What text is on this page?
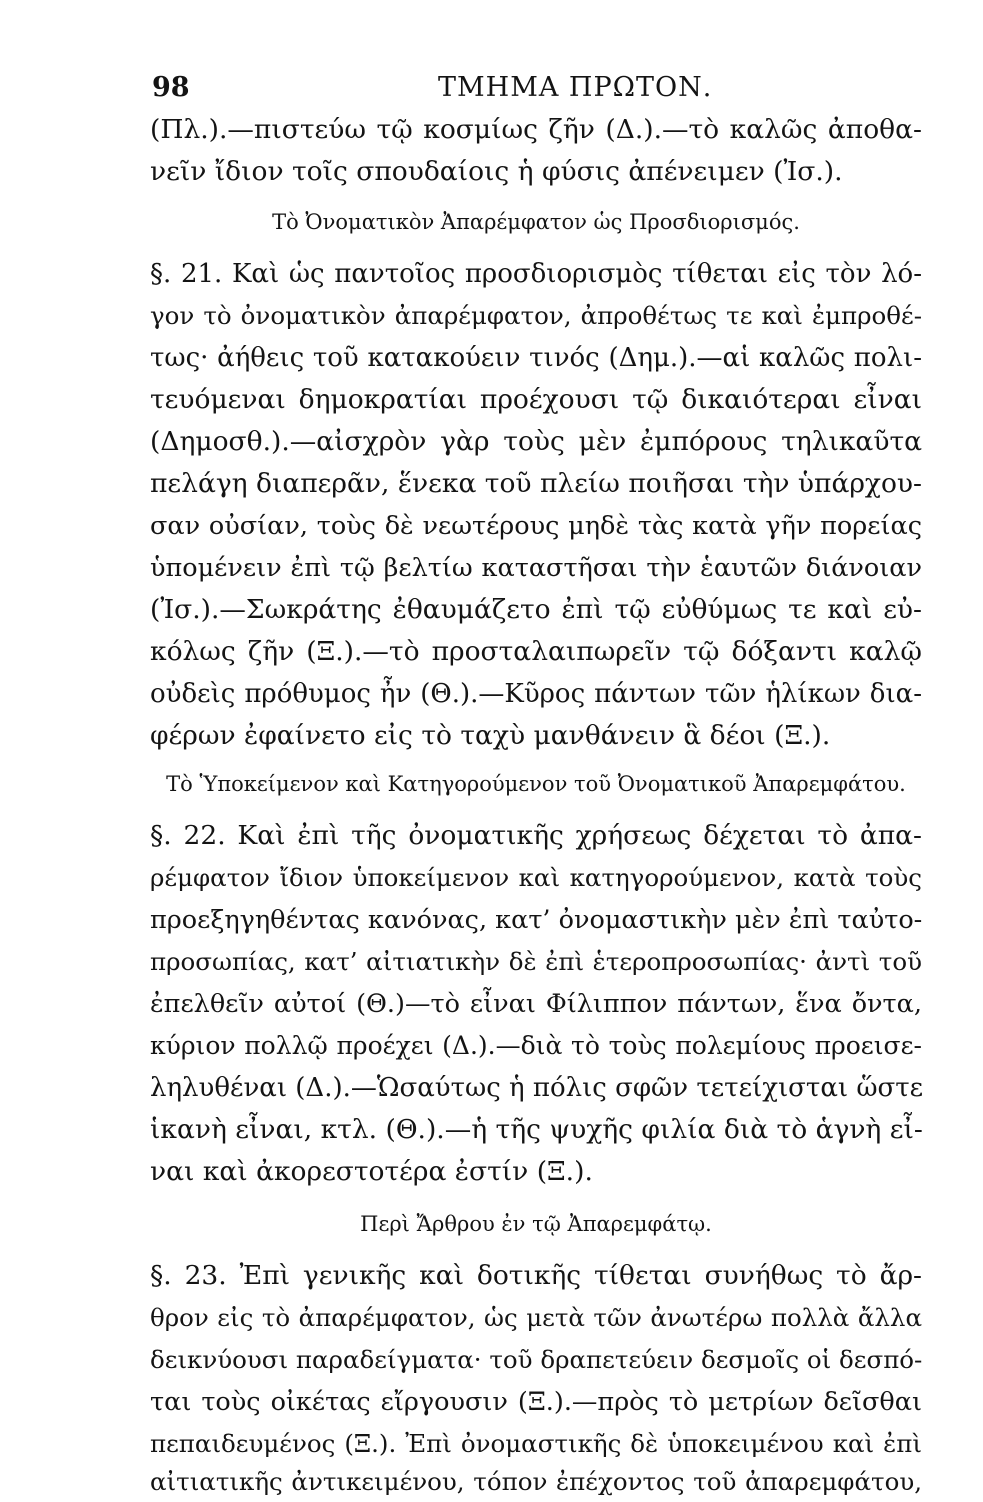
98	ΤΜΗΜΑ ΠΡΩΤΟΝ.
(Πλ.).—πιστεύω τῷ κοσμίως ζῆν (Δ.).—τὸ καλῶς ἀποθα-
νεῖν ἴδιον τοῖς σπουδαίοις ἡ φύσις ἀπένειμεν (Ἰσ.).
Τὸ Ὀνοματικὸν Ἀπαρέμφατον ὡς Προσδιορισμός.
§. 21. Καὶ ὡς παντοῖος προσδιορισμὸς τίθεται εἰς τὸν λό-
γον τὸ ὀνοματικὸν ἀπαρέμφατον, ἀπροθέτως τε καὶ ἐμπροθέ-
τως· ἀήθεις τοῦ κατακούειν τινός (Δημ.).—αἱ καλῶς πολι-
τευόμεναι δημοκρατίαι προέχουσι τῷ δικαιότεραι εἶναι
(Δημοσθ.).—αἰσχρὸν γὰρ τοὺς μὲν ἐμπόρους τηλικαῦτα
πελάγη διαπερᾶν, ἕνεκα τοῦ πλείω ποιῆσαι τὴν ὑπάρχου-
σαν οὐσίαν, τοὺς δὲ νεωτέρους μηδὲ τὰς κατὰ γῆν πορείας
ὑπομένειν ἐπὶ τῷ βελτίω καταστῆσαι τὴν ἑαυτῶν διάνοιαν
(Ἰσ.).—Σωκράτης ἐθαυμάζετο ἐπὶ τῷ εὐθύμως τε καὶ εὐ-
κόλως ζῆν (Ξ.).—τὸ προσταλαιπωρεῖν τῷ δόξαντι καλῷ
οὐδεὶς πρόθυμος ἦν (Θ.).—Κῦρος πάντων τῶν ἡλίκων δια-
φέρων ἐφαίνετο εἰς τὸ ταχὺ μανθάνειν ἃ δέοι (Ξ.).
Τὸ Ὑποκείμενον καὶ Κατηγορούμενον τοῦ Ὀνοματικοῦ Ἀπαρεμφάτου.
§. 22. Καὶ ἐπὶ τῆς ὀνοματικῆς χρήσεως δέχεται τὸ ἀπα-
ρέμφατον ἴδιον ὑποκείμενον καὶ κατηγορούμενον, κατὰ τοὺς
προεξηγηθέντας κανόνας, κατ’ ὀνομαστικὴν μὲν ἐπὶ ταὐτο-
προσωπίας, κατ’ αἰτιατικὴν δὲ ἐπὶ ἑτεροπροσωπίας· ἀντὶ τοῦ
ἐπελθεῖν αὐτοί (Θ.)—τὸ εἶναι Φίλιππον πάντων, ἕνα ὄντα,
κύριον πολλῷ προέχει (Δ.).—διὰ τὸ τοὺς πολεμίους προεισε-
ληλυθέναι (Δ.).—Ὡσαύτως ἡ πόλις σφῶν τετείχισται ὥστε
ἱκανὴ εἶναι, κτλ. (Θ.).—ἡ τῆς ψυχῆς φιλία διὰ τὸ ἁγνὴ εἶ-
ναι καὶ ἀκορεστοτέρα ἐστίν (Ξ.).
Περὶ Ἄρθρου ἐν τῷ Ἀπαρεμφάτῳ.
§. 23. Ἐπὶ γενικῆς καὶ δοτικῆς τίθεται συνήθως τὸ ἄρ-
θρον εἰς τὸ ἀπαρέμφατον, ὡς μετὰ τῶν ἀνωτέρω πολλὰ ἄλλα
δεικνύουσι παραδείγματα· τοῦ δραπετεύειν δεσμοῖς οἱ δεσπό-
ται τοὺς οἰκέτας εἴργουσιν (Ξ.).—πρὸς τὸ μετρίων δεῖσθαι
πεπαιδευμένος (Ξ.). Ἐπὶ ὀνομαστικῆς δὲ ὑποκειμένου καὶ ἐπὶ
αἰτιατικῆς ἀντικειμένου, τόπον ἐπέχοντος τοῦ ἀπαρεμφάτου,
